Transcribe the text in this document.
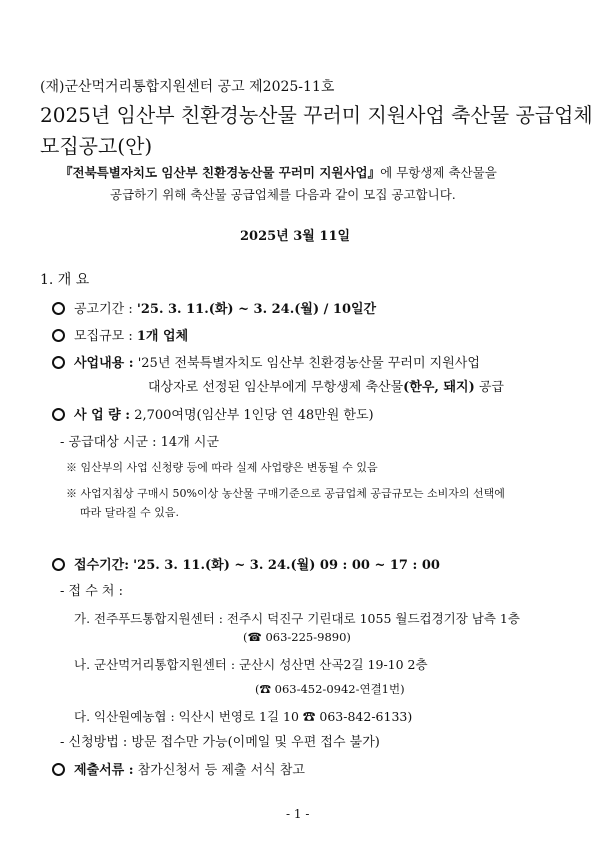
(재)군산먹거리통합지원센터 공고 제2025-11호
2025년 임산부 친환경농산물 꾸러미 지원사업 축산물 공급업체
모집공고(안)
『전북특별자치도 임산부 친환경농산물 꾸러미 지원사업』에 무항생제 축산물을
공급하기 위해 축산물 공급업체를 다음과 같이 모집 공고합니다.
2025년 3월 11일
1. 개 요
공고기간 : '25. 3. 11.(화) ~ 3. 24.(월) / 10일간
모집규모 : 1개 업체
사업내용 : '25년 전북특별자치도 임산부 친환경농산물 꾸러미 지원사업
대상자로 선정된 임산부에게 무항생제 축산물(한우, 돼지) 공급
사 업 량 : 2,700여명(임산부 1인당 연 48만원 한도)
- 공급대상 시군 : 14개 시군
※ 임산부의 사업 신청량 등에 따라 실제 사업량은 변동될 수 있음
※ 사업지침상 구매시 50%이상 농산물 구매기준으로 공급업체 공급규모는 소비자의 선택에
따라 달라질 수 있음.
접수기간: '25. 3. 11.(화) ~ 3. 24.(월) 09 : 00 ~ 17 : 00
- 접 수 처 :
가. 전주푸드통합지원센터 : 전주시 덕진구 기린대로 1055 월드컵경기장 남측 1층
(☎ 063-225-9890)
나. 군산먹거리통합지원센터 : 군산시 성산면 산곡2길 19-10 2층
(☎ 063-452-0942-연결1번)
다. 익산원예농협 : 익산시 번영로 1길 10 ☎ 063-842-6133)
- 신청방법 : 방문 접수만 가능(이메일 및 우편 접수 불가)
제출서류 : 참가신청서 등 제출 서식 참고
- 1 -
